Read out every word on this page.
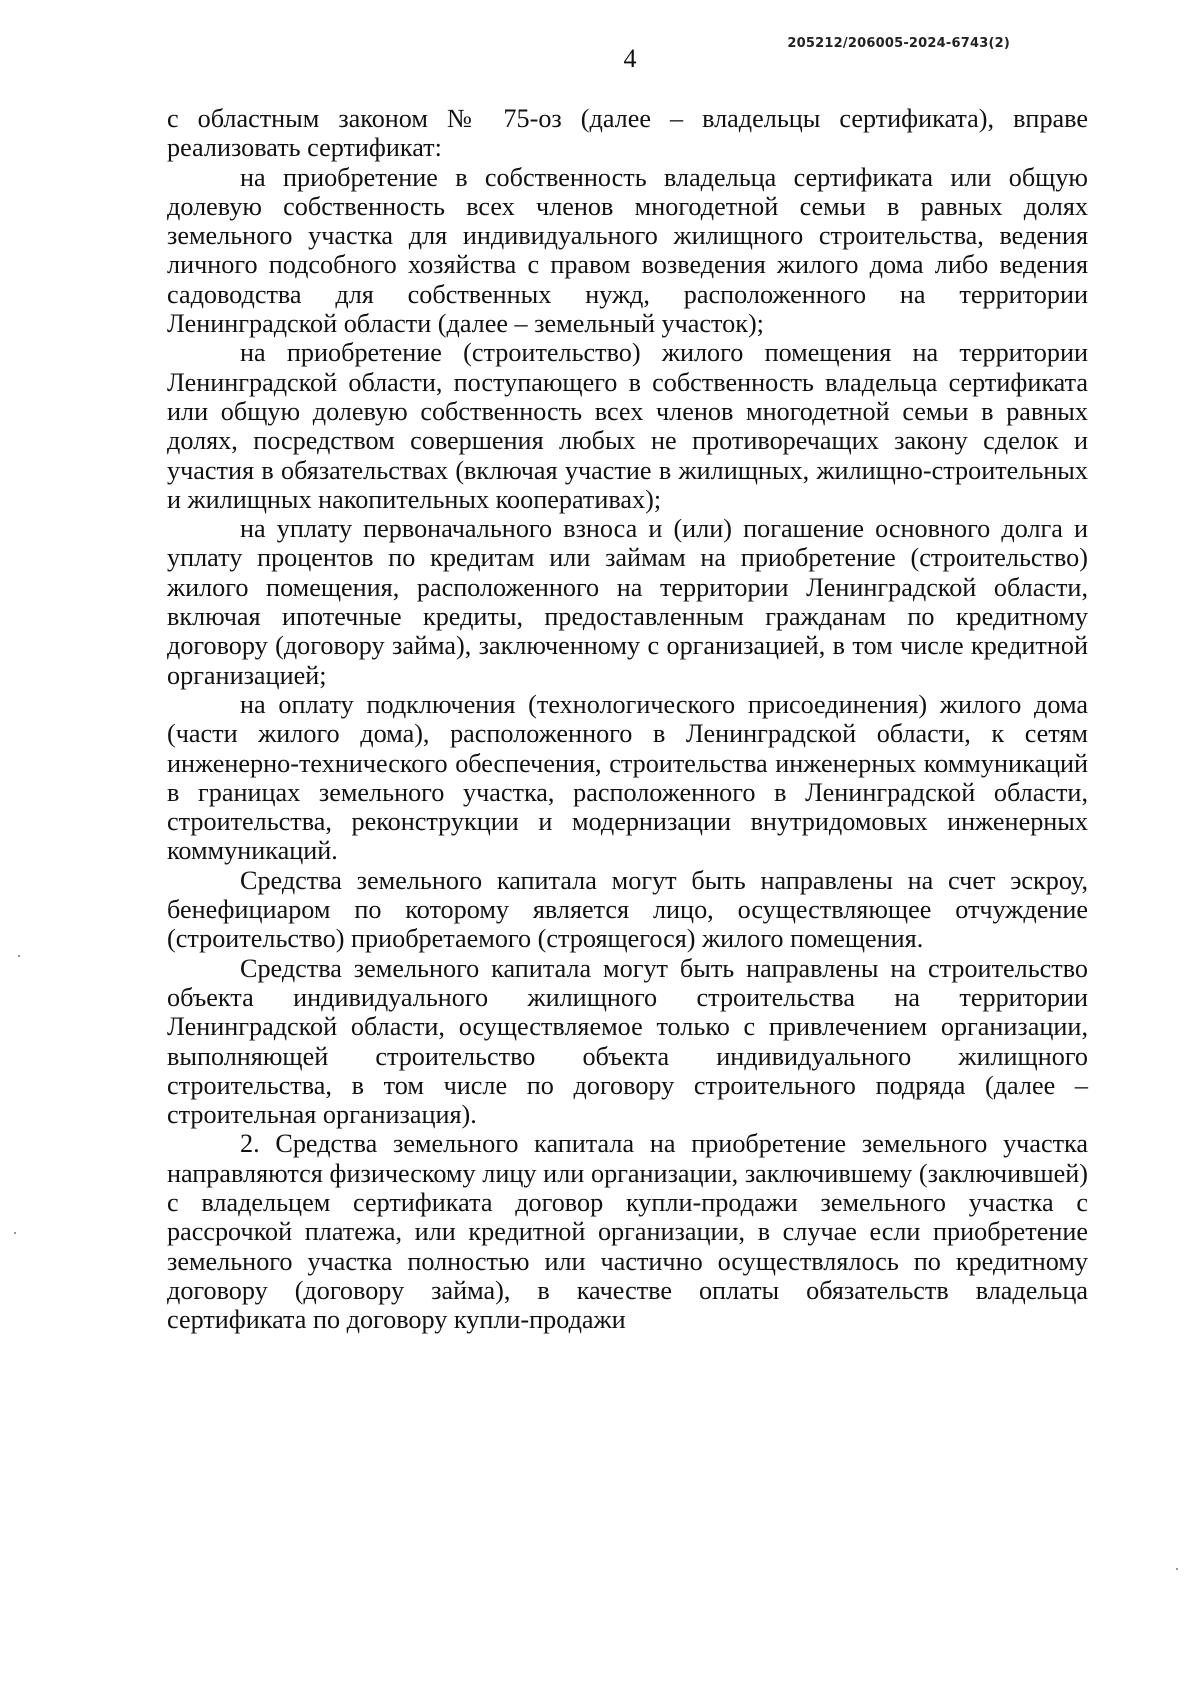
205212/206005-2024-6743(2)
4

с областным законом № 75-оз (далее – владельцы сертификата), вправе реализовать сертификат:

на приобретение в собственность владельца сертификата или общую долевую собственность всех членов многодетной семьи в равных долях земельного участка для индивидуального жилищного строительства, ведения личного подсобного хозяйства с правом возведения жилого дома либо ведения садоводства для собственных нужд, расположенного на территории Ленинградской области (далее – земельный участок);

на приобретение (строительство) жилого помещения на территории Ленинградской области, поступающего в собственность владельца сертификата или общую долевую собственность всех членов многодетной семьи в равных долях, посредством совершения любых не противоречащих закону сделок и участия в обязательствах (включая участие в жилищных, жилищно-строительных и жилищных накопительных кооперативах);

на уплату первоначального взноса и (или) погашение основного долга и уплату процентов по кредитам или займам на приобретение (строительство) жилого помещения, расположенного на территории Ленинградской области, включая ипотечные кредиты, предоставленным гражданам по кредитному договору (договору займа), заключенному с организацией, в том числе кредитной организацией;

на оплату подключения (технологического присоединения) жилого дома (части жилого дома), расположенного в Ленинградской области, к сетям инженерно-технического обеспечения, строительства инженерных коммуникаций в границах земельного участка, расположенного в Ленинградской области, строительства, реконструкции и модернизации внутридомовых инженерных коммуникаций.

Средства земельного капитала могут быть направлены на счет эскроу, бенефициаром по которому является лицо, осуществляющее отчуждение (строительство) приобретаемого (строящегося) жилого помещения.

Средства земельного капитала могут быть направлены на строительство объекта индивидуального жилищного строительства на территории Ленинградской области, осуществляемое только с привлечением организации, выполняющей строительство объекта индивидуального жилищного строительства, в том числе по договору строительного подряда (далее – строительная организация).

2. Средства земельного капитала на приобретение земельного участка направляются физическому лицу или организации, заключившему (заключившей) с владельцем сертификата договор купли-продажи земельного участка с рассрочкой платежа, или кредитной организации, в случае если приобретение земельного участка полностью или частично осуществлялось по кредитному договору (договору займа), в качестве оплаты обязательств владельца сертификата по договору купли-продажи
